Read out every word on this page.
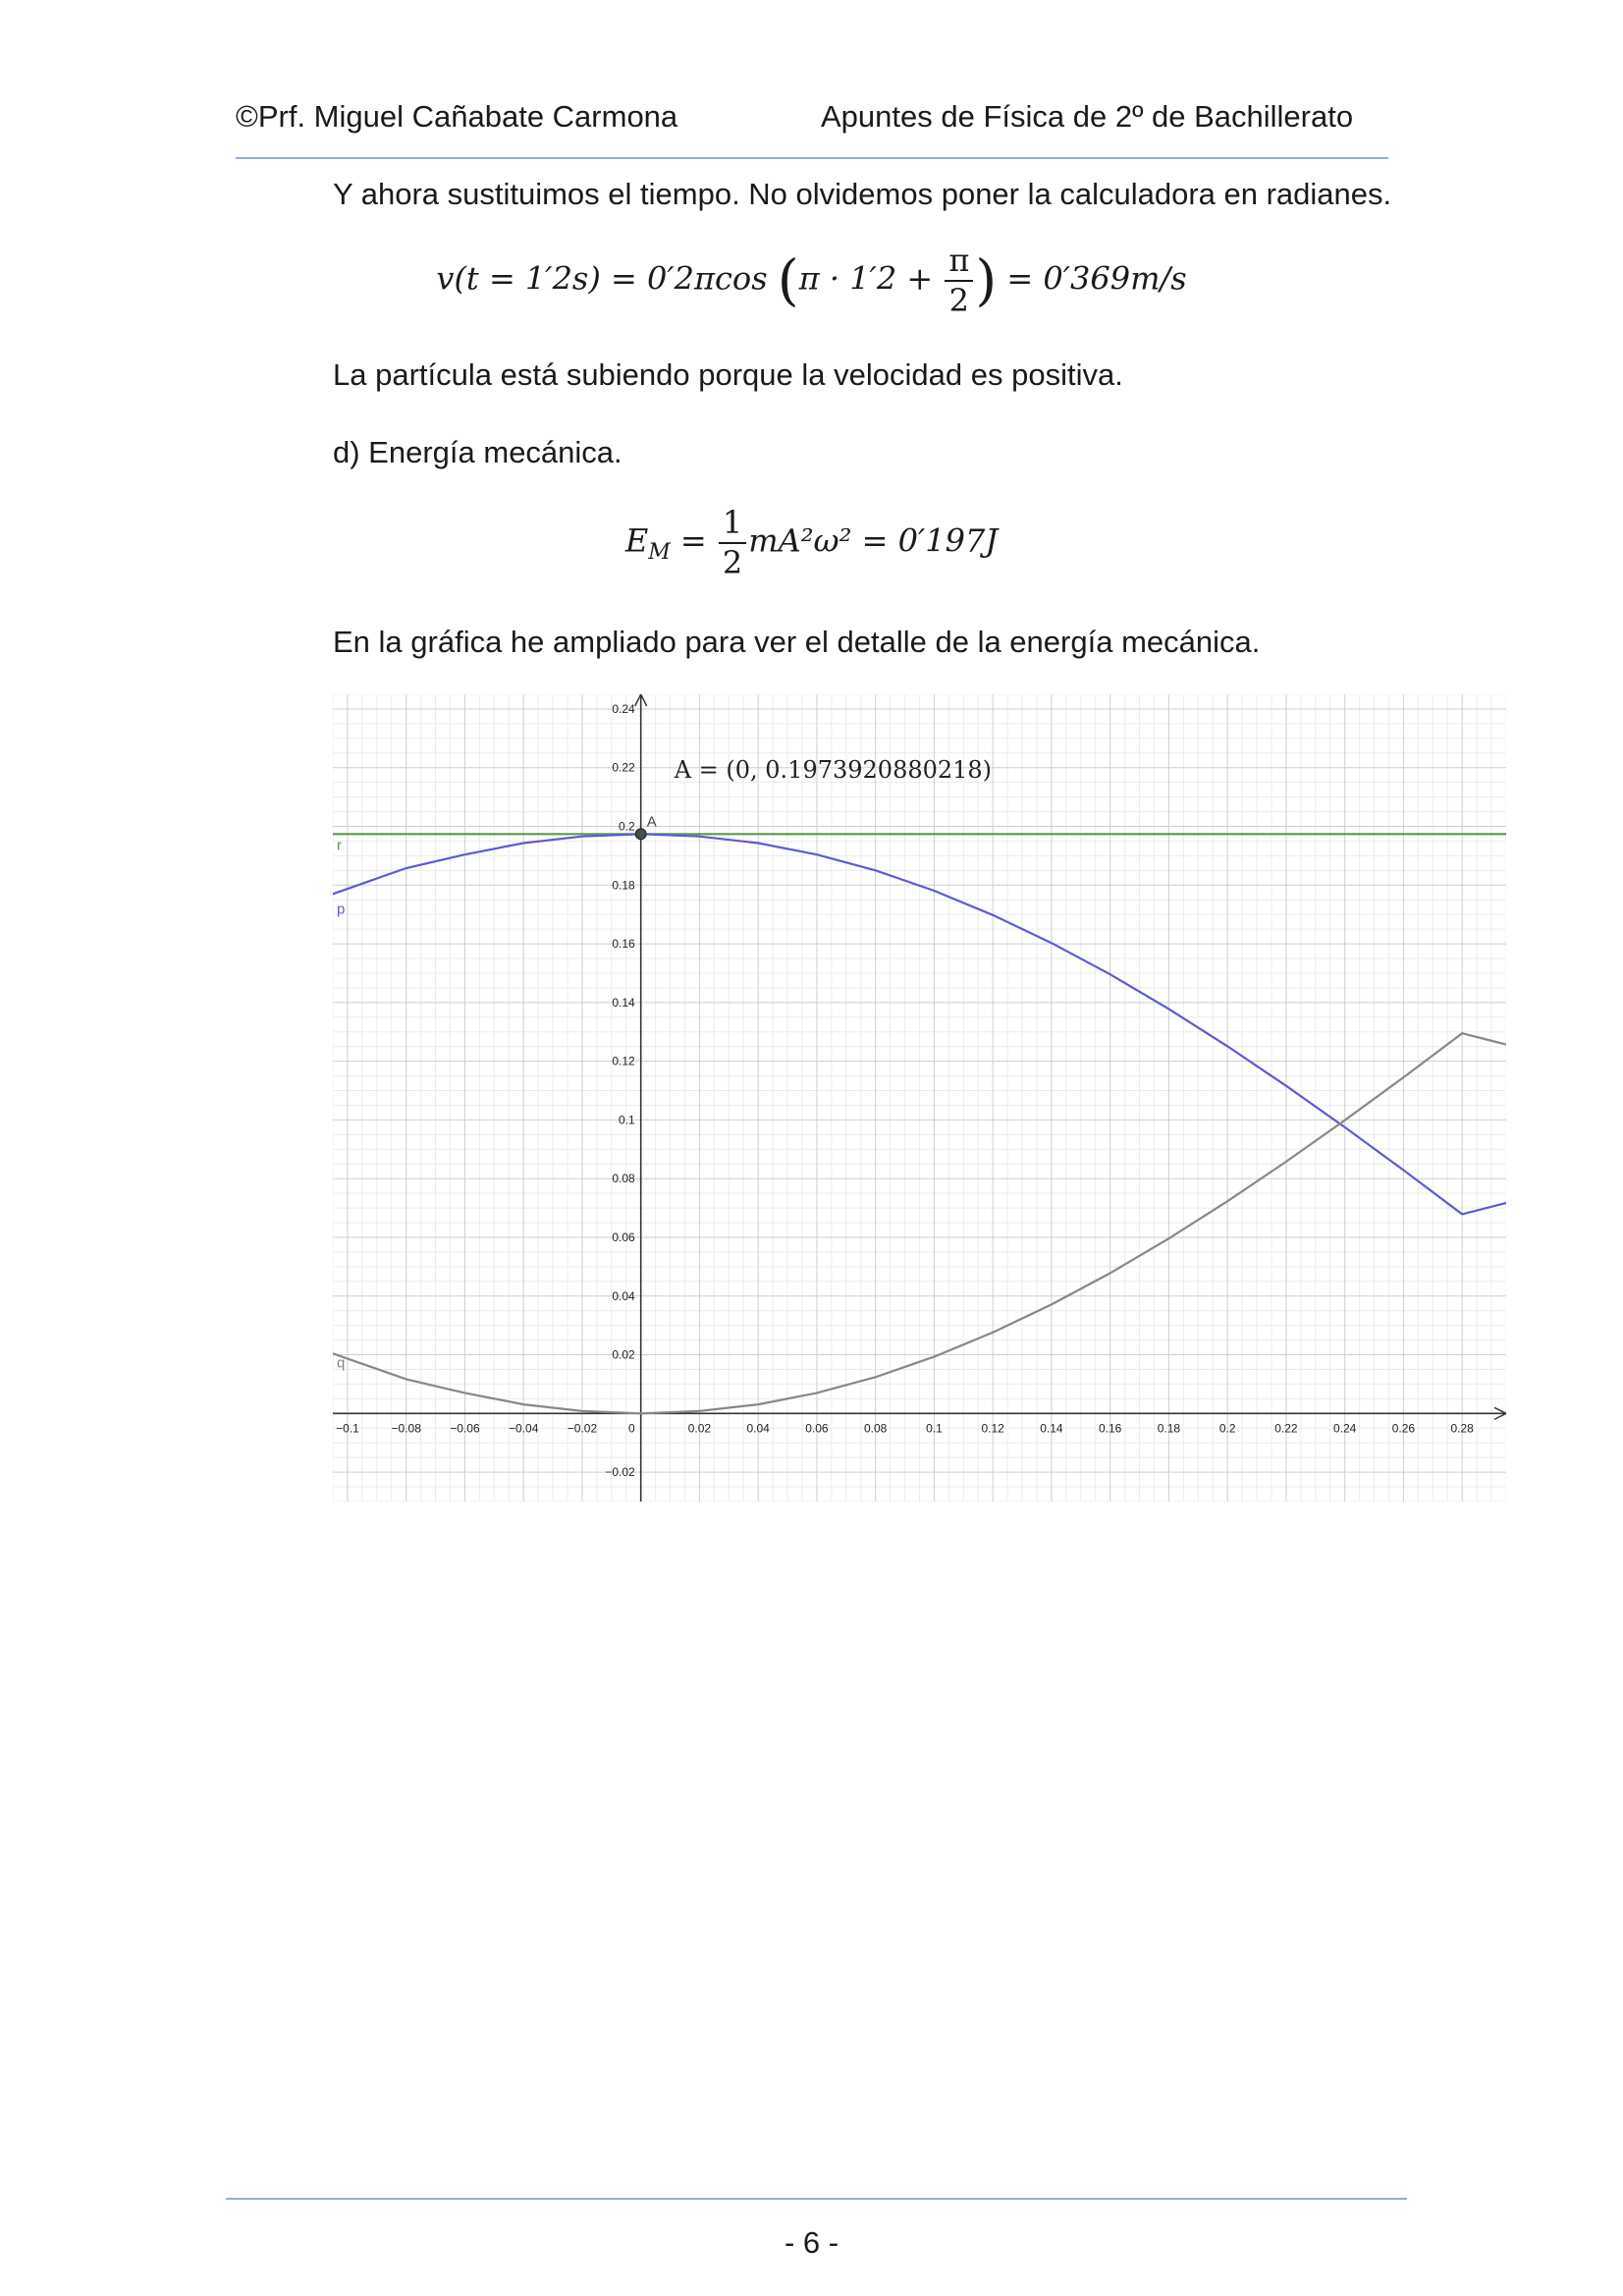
©Prf. Miguel Cañabate Carmona	Apuntes de Física de 2º de Bachillerato
Y ahora sustituimos el tiempo. No olvidemos poner la calculadora en radianes.
v(t = 1′2s) = 0′2πcos ($\pi \cdot 1'2 + \frac{\pi}{2}$ ) = 0′369m/s
La partícula está subiendo porque la velocidad es positiva.
d) Energía mecánica.
$E_M = \frac{1}{2} mA^2\omega^2 = 0'197J$
En la gráfica he ampliado para ver el detalle de la energía mecánica.
−0.1	−0.08 −0.06 −0.04 −0.02	0	0.02	0.04	0.06	0.08	0.1	0.12	0.14	0.16	0.18	0.2	0.22	0.24	0.26	0.28
−0.02
0.02
0.04
0.06
0.08
0.1
0.12
0.14
0.16
0.18
0.2
0.22
0.24
r
p
q
A
A = (0, 0.1973920880218)
- 6 -
